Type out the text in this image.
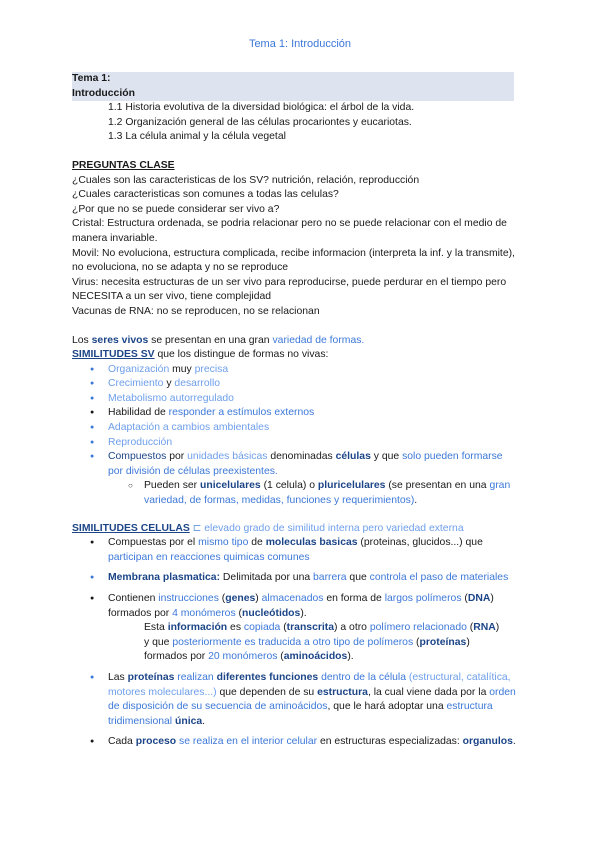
Tema 1: Introducción
Tema 1:
Introducción
1.1 Historia evolutiva de la diversidad biológica: el árbol de la vida.
1.2 Organización general de las células procariontes y eucariotas.
1.3 La célula animal y la célula vegetal
PREGUNTAS CLASE
¿Cuales son las caracteristicas de los SV? nutrición, relación, reproducción
¿Cuales caracteristicas son comunes a todas las celulas?
¿Por que no se puede considerar ser vivo a?
Cristal: Estructura ordenada, se podria relacionar pero no se puede relacionar con el medio de manera invariable.
Movil: No evoluciona, estructura complicada, recibe informacion (interpreta la inf. y la transmite), no evoluciona, no se adapta y no se reproduce
Virus: necesita estructuras de un ser vivo para reproducirse, puede perdurar en el tiempo pero NECESITA a un ser vivo, tiene complejidad
Vacunas de RNA: no se reproducen, no se relacionan
Los seres vivos se presentan en una gran variedad de formas.
SIMILITUDES SV que los distingue de formas no vivas:
● Organización muy precisa
● Crecimiento y desarrollo
● Metabolismo autorregulado
● Habilidad de responder a estímulos externos
● Adaptación a cambios ambientales
● Reproducción
● Compuestos por unidades básicas denominadas células y que solo pueden formarse por división de células preexistentes.
○ Pueden ser unicelulares (1 celula) o pluricelulares (se presentan en una gran variedad, de formas, medidas, funciones y requerimientos).
SIMILITUDES CELULAS ⊏ elevado grado de similitud interna pero variedad externa
● Compuestas por el mismo tipo de moleculas basicas (proteinas, glucidos...) que participan en reacciones quimicas comunes
● Membrana plasmatica: Delimitada por una barrera que controla el paso de materiales
● Contienen instrucciones (genes) almacenados en forma de largos polímeros (DNA) formados por 4 monómeros (nucleótidos).
Esta información es copiada (transcrita) a otro polímero relacionado (RNA)
y que posteriormente es traducida a otro tipo de polímeros (proteínas)
formados por 20 monómeros (aminoácidos).
● Las proteínas realizan diferentes funciones dentro de la célula (estructural, catalítica, motores moleculares...) que dependen de su estructura, la cual viene dada por la orden de disposición de su secuencia de aminoácidos, que le hará adoptar una estructura tridimensional única.
● Cada proceso se realiza en el interior celular en estructuras especializadas: organulos.
